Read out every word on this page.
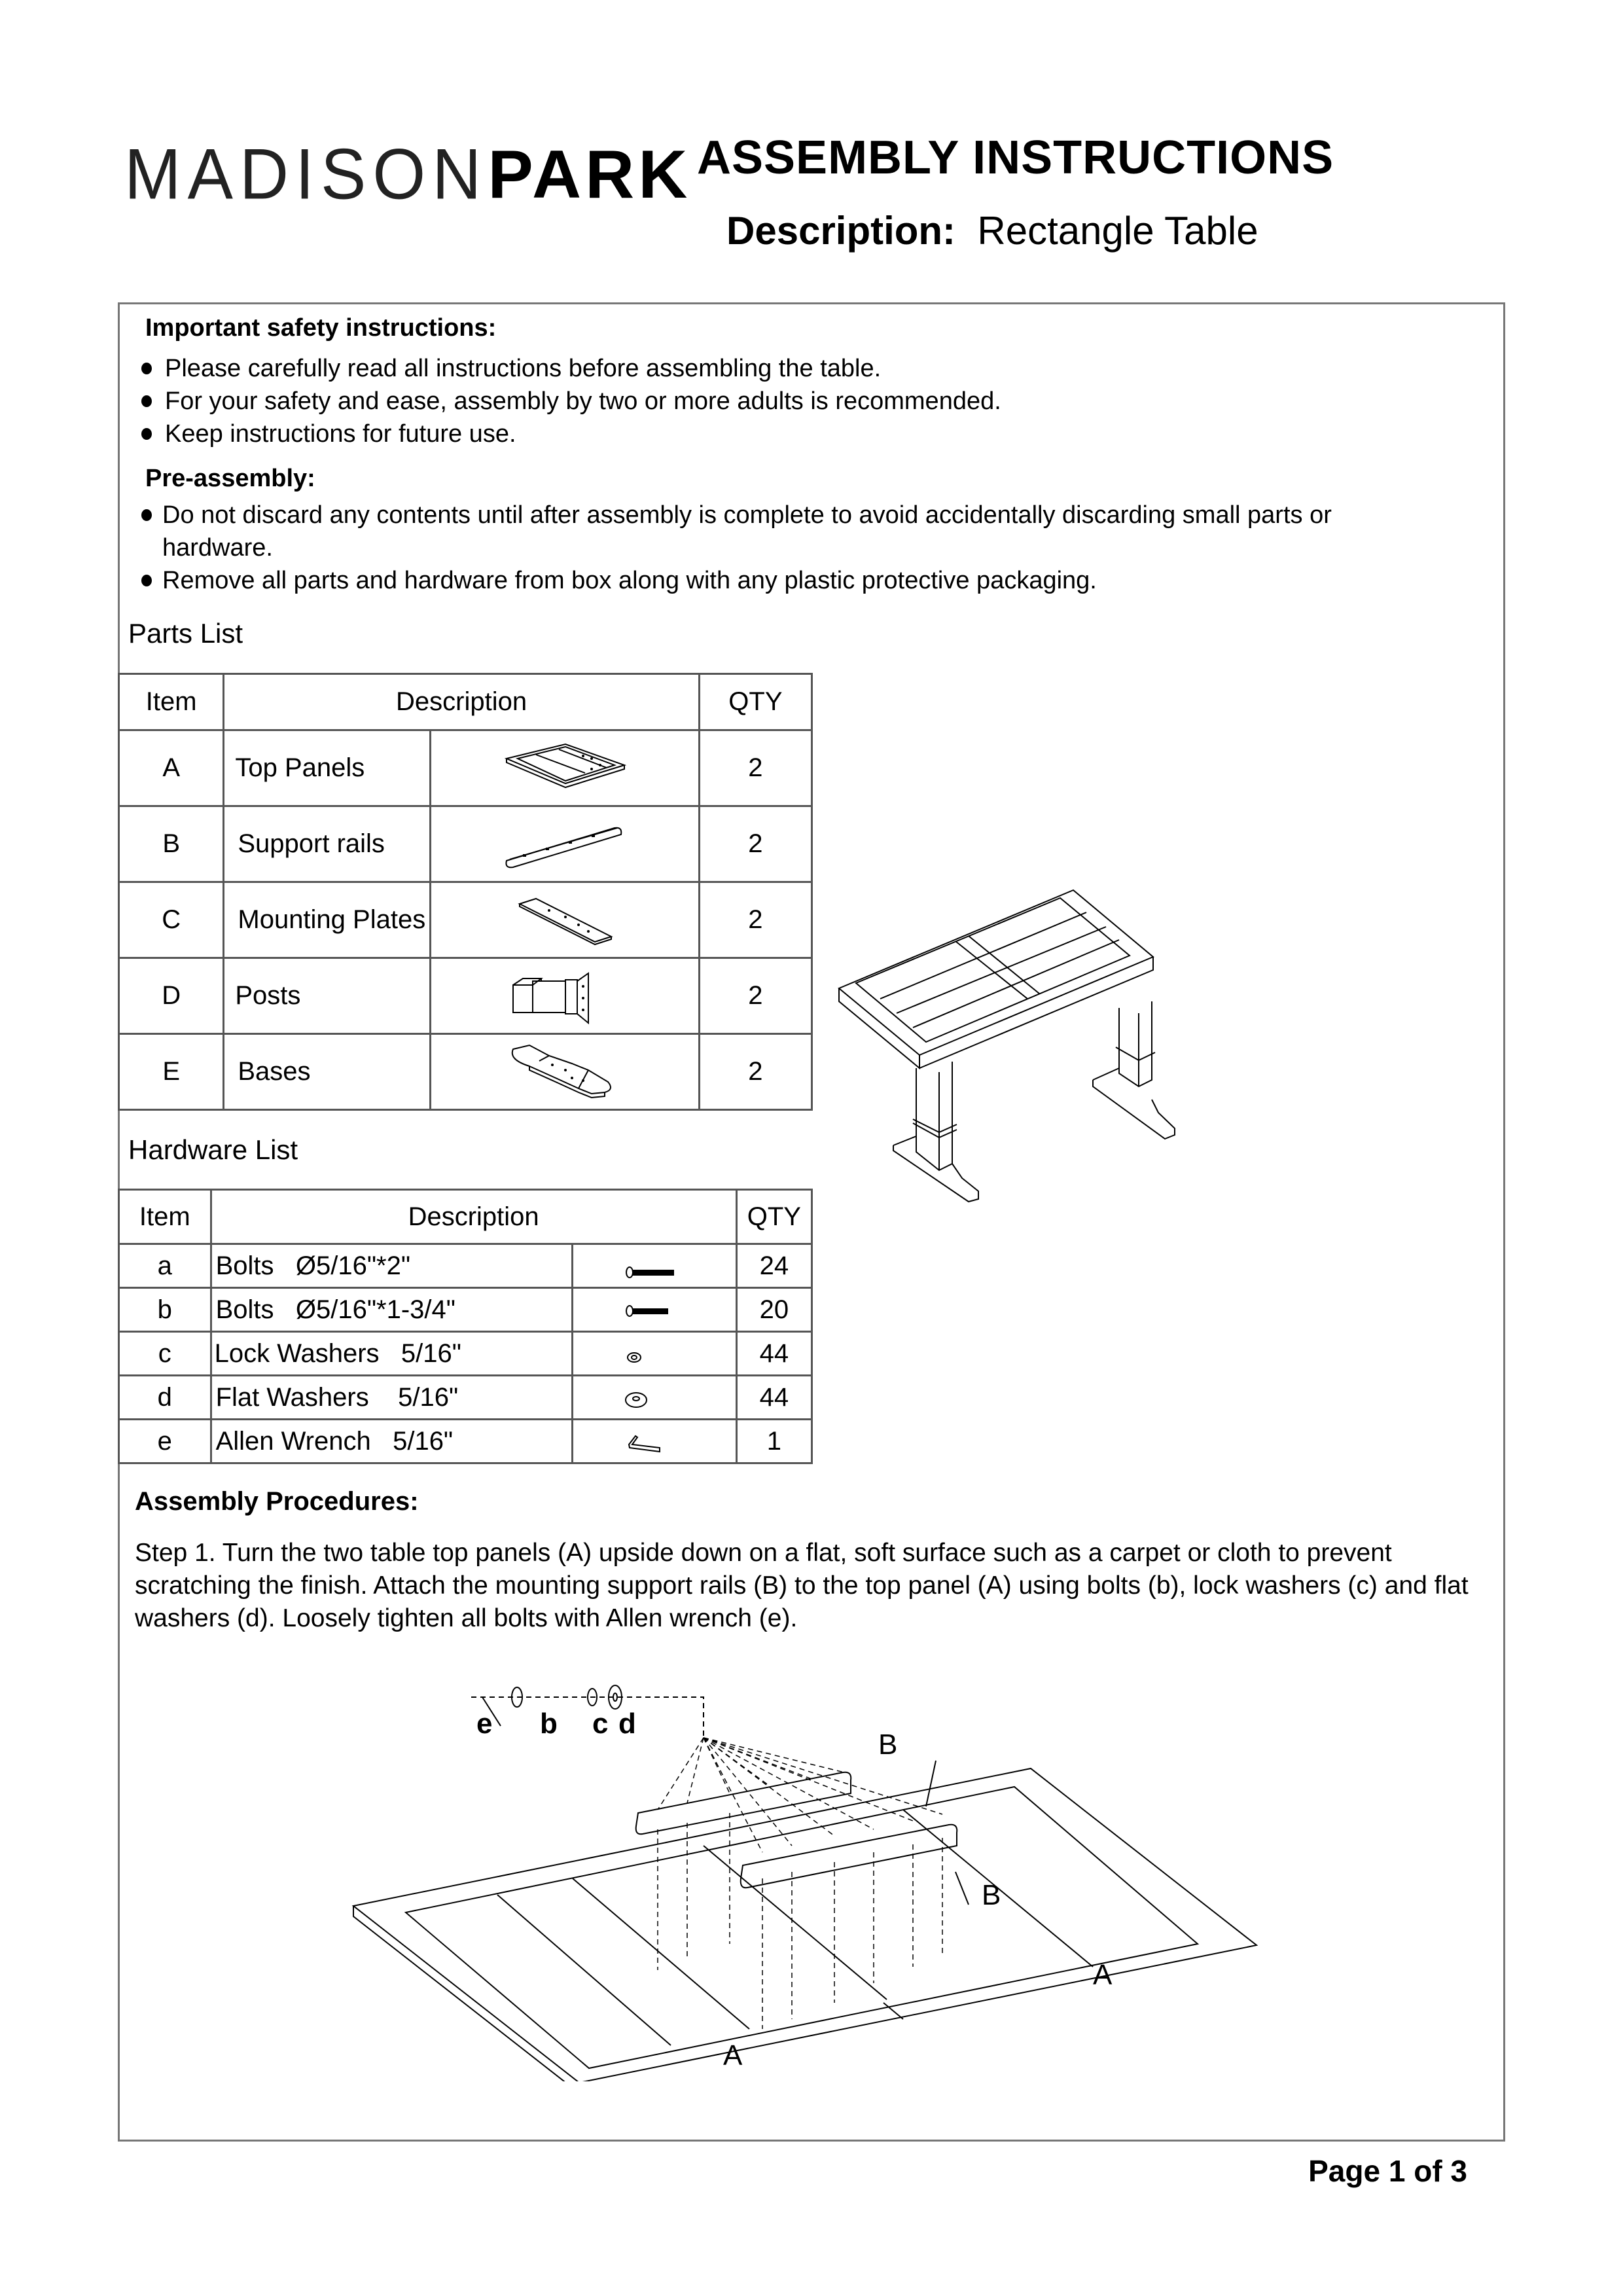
MADISONPARK ASSEMBLY INSTRUCTIONS
Description: Rectangle Table
Important safety instructions:
Please carefully read all instructions before assembling the table.
For your safety and ease, assembly by two or more adults is recommended.
Keep instructions for future use.
Pre-assembly:
Do not discard any contents until after assembly is complete to avoid accidentally discarding small parts or hardware.
Remove all parts and hardware from box along with any plastic protective packaging.
Parts List
Item	Description		QTY
A	Top Panels		2
B	Support rails		2
C	Mounting Plates		2
D	Posts		2
E	Bases		2
Hardware List
Item	Description		QTY
a	Bolts   Ø5/16"*2"		24
b	Bolts   Ø5/16"*1-3/4"		20
c	Lock Washers   5/16"		44
d	Flat Washers    5/16"		44
e	Allen Wrench   5/16"		1
Assembly Procedures:
Step 1. Turn the two table top panels (A) upside down on a flat, soft surface such as a carpet or cloth to prevent scratching the finish. Attach the mounting support rails (B) to the top panel (A) using bolts (b), lock washers (c) and flat washers (d). Loosely tighten all bolts with Allen wrench (e).
e b c d
B
B
A
A
Page 1 of 3
